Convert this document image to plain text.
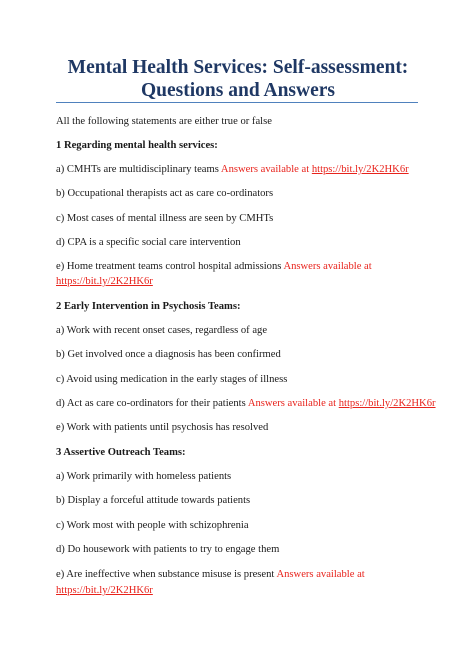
Mental Health Services: Self-assessment:
Questions and Answers
All the following statements are either true or false
1 Regarding mental health services:
a) CMHTs are multidisciplinary teams Answers available at https://bit.ly/2K2HK6r
b) Occupational therapists act as care co-ordinators
c) Most cases of mental illness are seen by CMHTs
d) CPA is a specific social care intervention
e) Home treatment teams control hospital admissions Answers available at
https://bit.ly/2K2HK6r
2 Early Intervention in Psychosis Teams:
a) Work with recent onset cases, regardless of age
b) Get involved once a diagnosis has been confirmed
c) Avoid using medication in the early stages of illness
d) Act as care co-ordinators for their patients Answers available at https://bit.ly/2K2HK6r
e) Work with patients until psychosis has resolved
3 Assertive Outreach Teams:
a) Work primarily with homeless patients
b) Display a forceful attitude towards patients
c) Work most with people with schizophrenia
d) Do housework with patients to try to engage them
e) Are ineffective when substance misuse is present Answers available at
https://bit.ly/2K2HK6r
